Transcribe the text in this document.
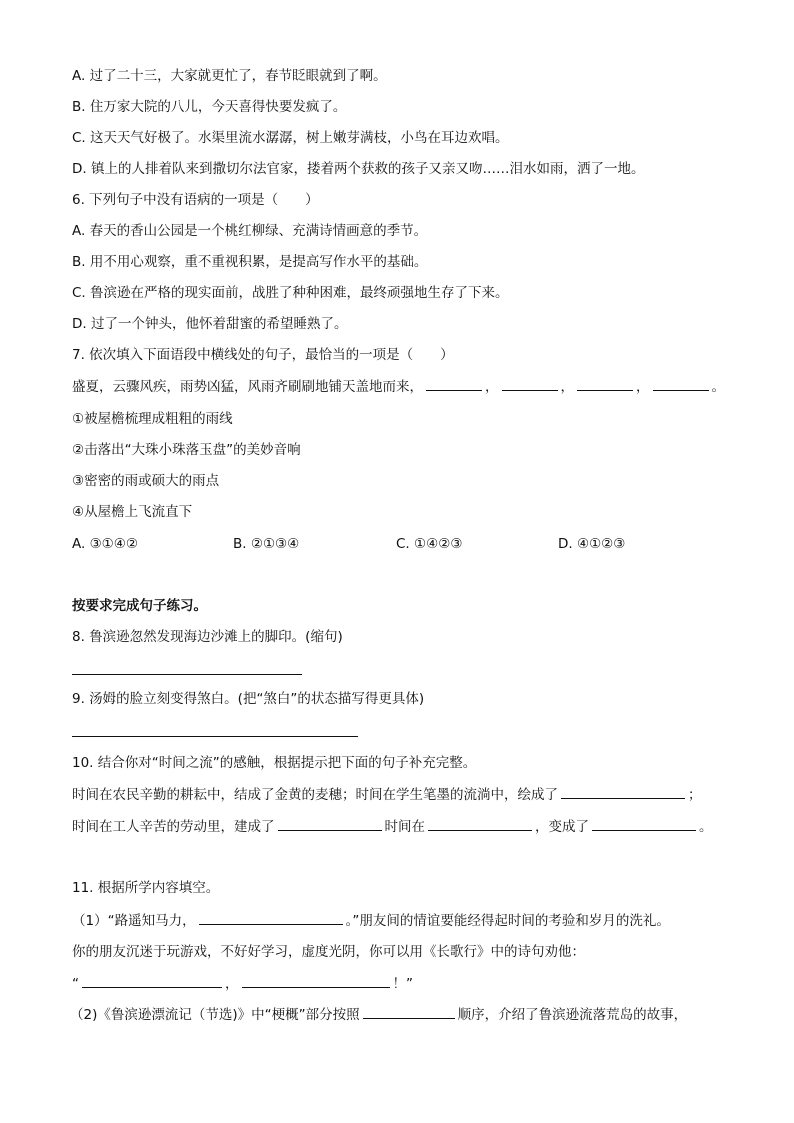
A. 过了二十三，大家就更忙了，春节眨眼就到了啊。
B. 住万家大院的八儿，今天喜得快要发疯了。
C. 这天天气好极了。水渠里流水潺潺，树上嫩芽满枝，小鸟在耳边欢唱。
D. 镇上的人排着队来到撒切尔法官家，搂着两个获救的孩子又亲又吻……泪水如雨，洒了一地。
6. 下列句子中没有语病的一项是（　　）
A. 春天的香山公园是一个桃红柳绿、充满诗情画意的季节。
B. 用不用心观察，重不重视积累，是提高写作水平的基础。
C. 鲁滨逊在严格的现实面前，战胜了种种困难，最终顽强地生存了下来。
D. 过了一个钟头，他怀着甜蜜的希望睡熟了。
7. 依次填入下面语段中横线处的句子，最恰当的一项是（　　）
盛夏，云骤风疾，雨势凶猛，风雨齐刷刷地铺天盖地而来，	，	，	，	。
①被屋檐梳理成粗粗的雨线
②击落出“大珠小珠落玉盘”的美妙音响
③密密的雨或硕大的雨点
④从屋檐上飞流直下
A. ③①④②	B. ②①③④	C. ①④②③	D. ④①②③
按要求完成句子练习。
8. 鲁滨逊忽然发现海边沙滩上的脚印。(缩句)
9. 汤姆的脸立刻变得煞白。(把“煞白”的状态描写得更具体)
10. 结合你对“时间之流”的感触，根据提示把下面的句子补充完整。
时间在农民辛勤的耕耘中，结成了金黄的麦穗；时间在学生笔墨的流淌中，绘成了	；
时间在工人辛苦的劳动里，建成了	时间在	，变成了	。
11. 根据所学内容填空。
（1）“路遥知马力，	。”朋友间的情谊要能经得起时间的考验和岁月的洗礼。
你的朋友沉迷于玩游戏，不好好学习，虚度光阴，你可以用《长歌行》中的诗句劝他：
“	，	！”
（2)《鲁滨逊漂流记（节选)》中“梗概”部分按照	顺序，介绍了鲁滨逊流落荒岛的故事，
